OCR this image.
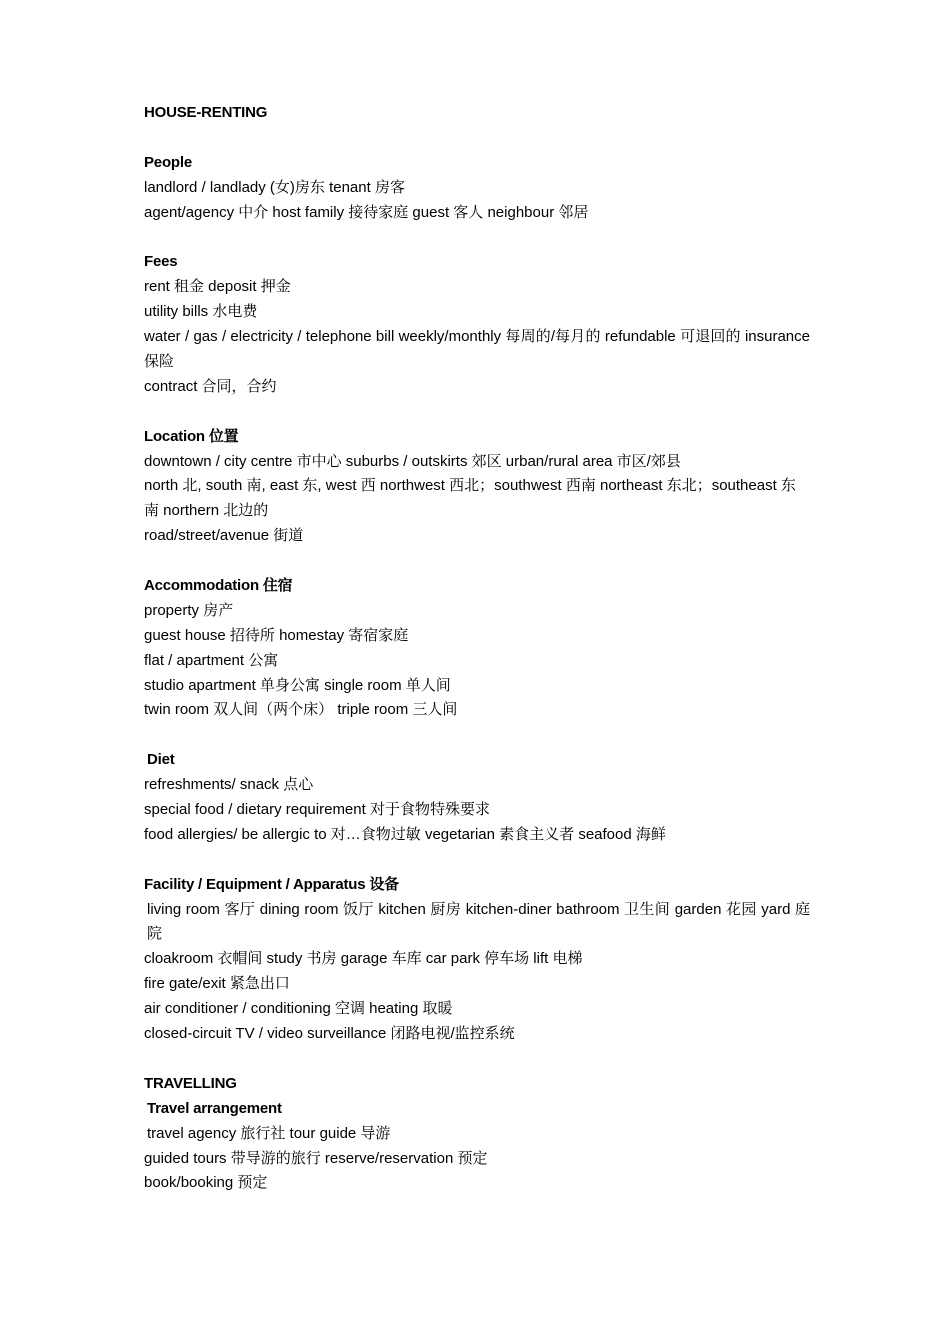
HOUSE-RENTING
People
landlord / landlady (女)房东 tenant 房客
agent/agency 中介 host family 接待家庭 guest 客人 neighbour 邻居
Fees
rent 租金 deposit 押金
utility bills 水电费
water / gas / electricity / telephone bill weekly/monthly 每周的/每月的 refundable 可退回的 insurance 保险
contract 合同，合约
Location 位置
downtown / city centre 市中心 suburbs / outskirts 郊区 urban/rural area 市区/郊县
north 北, south 南, east 东, west 西 northwest 西北；southwest 西南 northeast 东北；southeast 东南 northern 北边的
road/street/avenue 街道
Accommodation 住宿
property 房产
guest house 招待所 homestay 寄宿家庭
flat / apartment 公寓
studio apartment 单身公寓 single room 单人间
twin room 双人间（两个床） triple room 三人间
Diet
refreshments/ snack 点心
special food / dietary requirement 对于食物特殊要求
food allergies/ be allergic to 对…食物过敏 vegetarian 素食主义者 seafood 海鲜
Facility / Equipment / Apparatus 设备
living room 客厅 dining room 饭厅 kitchen 厨房 kitchen-diner bathroom 卫生间 garden 花园 yard 庭院
cloakroom 衣帽间 study 书房 garage 车库 car park 停车场 lift 电梯
fire gate/exit 紧急出口
air conditioner / conditioning 空调 heating 取暖
closed-circuit TV / video surveillance 闭路电视/监控系统
TRAVELLING
Travel arrangement
travel agency 旅行社 tour guide 导游
guided tours 带导游的旅行 reserve/reservation 预定
book/booking 预定
